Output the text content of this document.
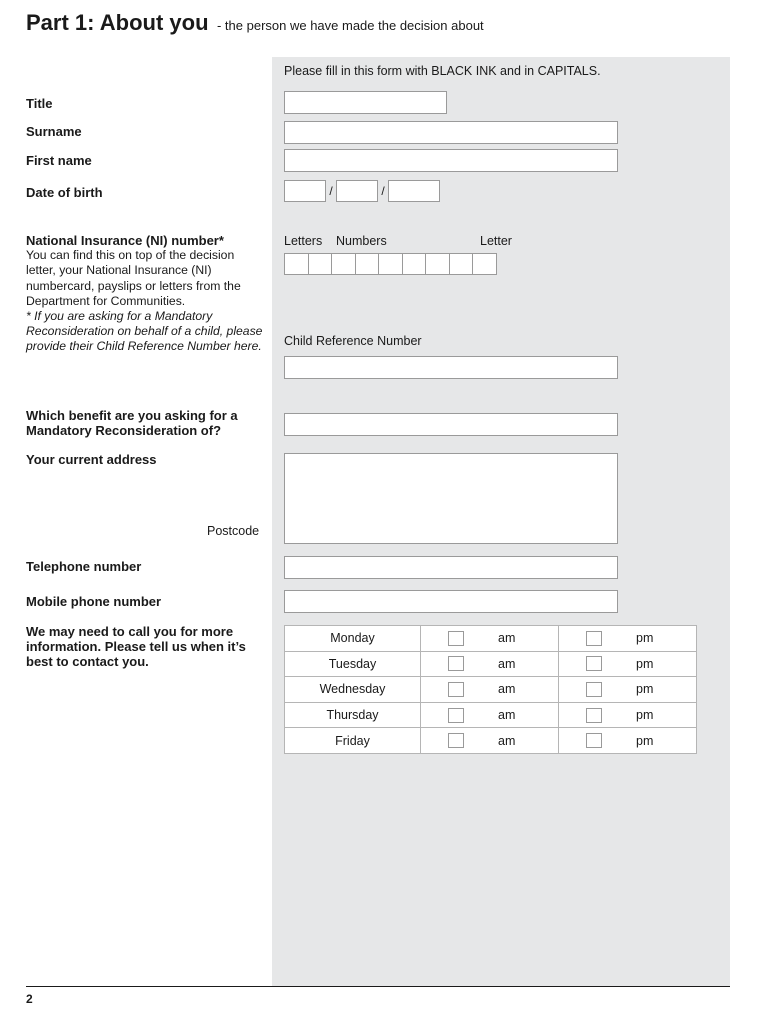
Part 1: About you - the person we have made the decision about
Please fill in this form with BLACK INK and in CAPITALS.
Title
Surname
First name
Date of birth	/	/
National Insurance (NI) number*
You can find this on top of the decision letter, your National Insurance (NI) numbercard, payslips or letters from the Department for Communities.
* If you are asking for a Mandatory Reconsideration on behalf of a child, please provide their Child Reference Number here.
Letters Numbers	Letter
Child Reference Number
Which benefit are you asking for a Mandatory Reconsideration of?
Your current address
Postcode
Telephone number
Mobile phone number
We may need to call you for more information. Please tell us when it’s best to contact you.
Monday	am	pm

Tuesday	am	pm

Wednesday	am	pm

Thursday	am	pm

Friday	am	pm
2
